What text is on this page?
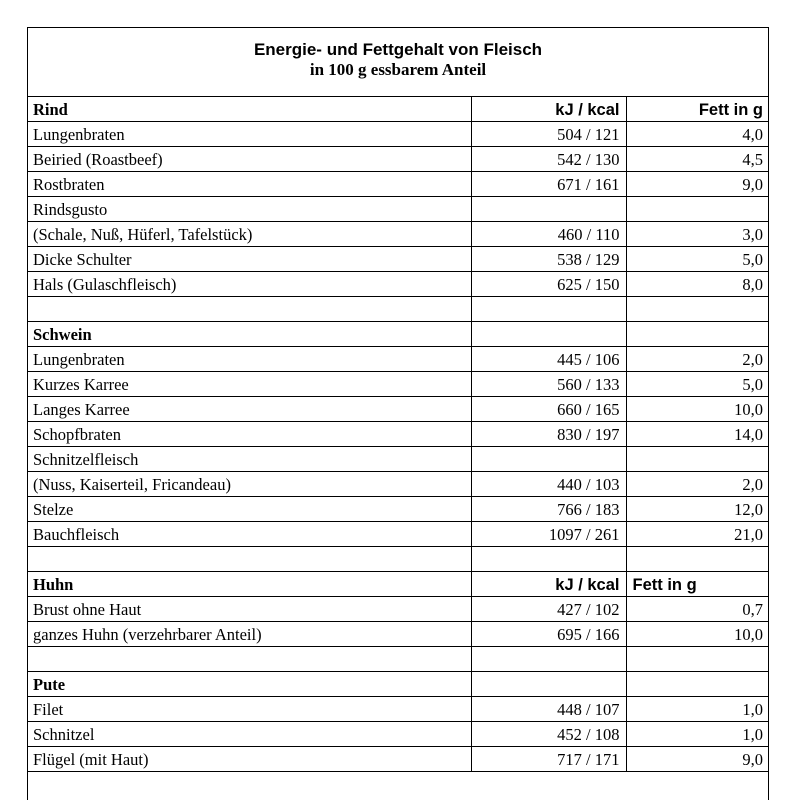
Energie- und Fettgehalt von Fleisch
in 100 g essbarem Anteil
Rind	kJ / kcal	Fett in g
Lungenbraten	504 / 121	4,0
Beiried (Roastbeef)	542 / 130	4,5
Rostbraten	671 / 161	9,0
Rindsgusto		
(Schale, Nuß, Hüferl, Tafelstück)	460 / 110	3,0
Dicke Schulter	538 / 129	5,0
Hals (Gulaschfleisch)	625 / 150	8,0

Schwein		
Lungenbraten	445 / 106	2,0
Kurzes Karree	560 / 133	5,0
Langes Karree	660 / 165	10,0
Schopfbraten	830 / 197	14,0
Schnitzelfleisch		
(Nuss, Kaiserteil, Fricandeau)	440 / 103	2,0
Stelze	766 / 183	12,0
Bauchfleisch	1097 / 261	21,0

Huhn	kJ / kcal	Fett in g
Brust ohne Haut	427 / 102	0,7
ganzes Huhn (verzehrbarer Anteil)	695 / 166	10,0

Pute		
Filet	448 / 107	1,0
Schnitzel	452 / 108	1,0
Flügel (mit Haut)	717 / 171	9,0
